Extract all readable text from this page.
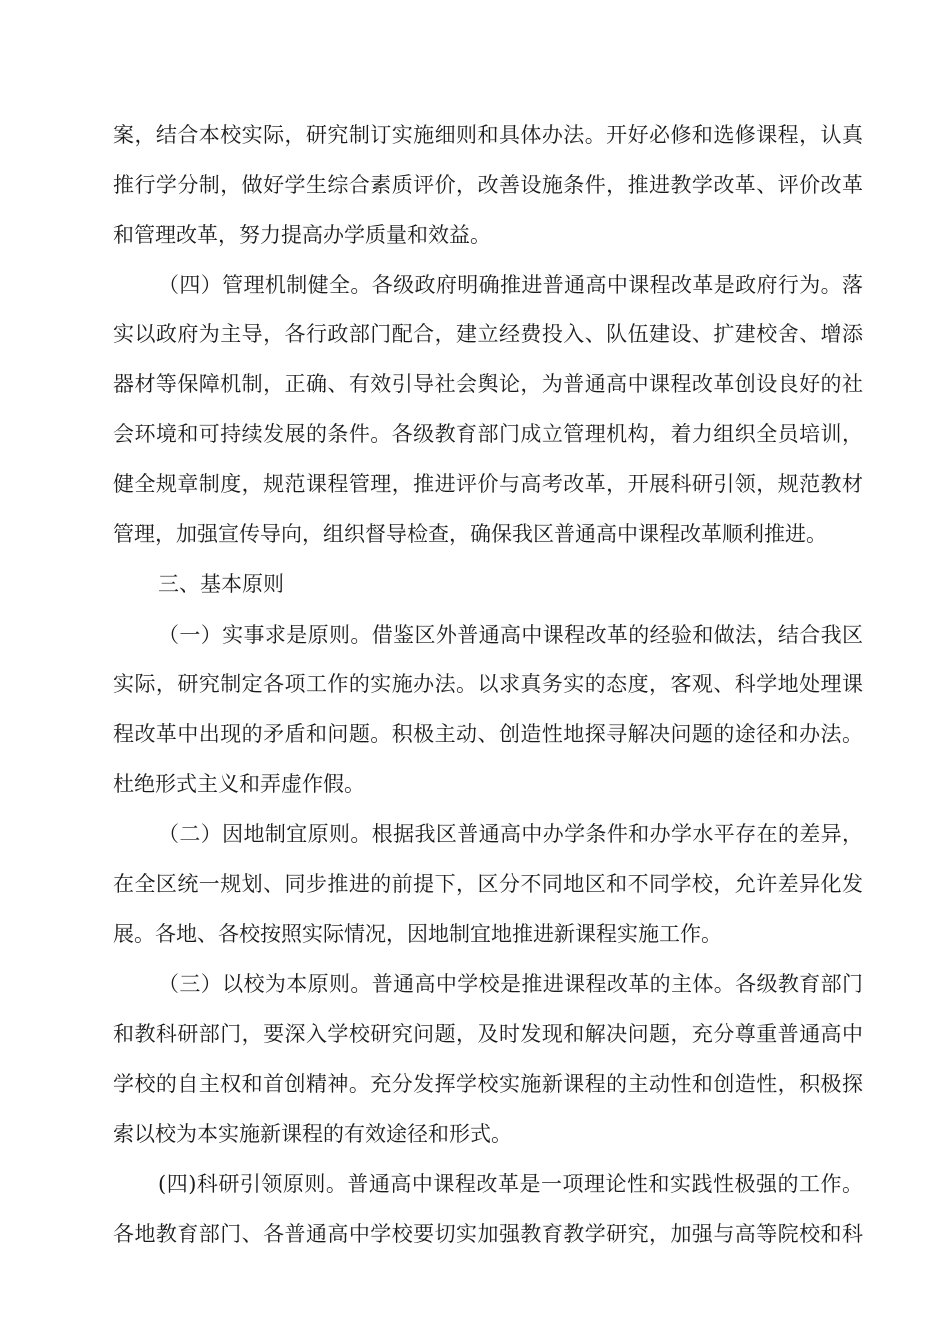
案，结合本校实际，研究制订实施细则和具体办法。开好必修和选修课程，认真
推行学分制，做好学生综合素质评价，改善设施条件，推进教学改革、评价改革
和管理改革，努力提高办学质量和效益。
（四）管理机制健全。各级政府明确推进普通高中课程改革是政府行为。落
实以政府为主导，各行政部门配合，建立经费投入、队伍建设、扩建校舍、增添
器材等保障机制，正确、有效引导社会舆论，为普通高中课程改革创设良好的社
会环境和可持续发展的条件。各级教育部门成立管理机构，着力组织全员培训，
健全规章制度，规范课程管理，推进评价与高考改革，开展科研引领，规范教材
管理，加强宣传导向，组织督导检查，确保我区普通高中课程改革顺利推进。
三、基本原则
（一）实事求是原则。借鉴区外普通高中课程改革的经验和做法，结合我区
实际，研究制定各项工作的实施办法。以求真务实的态度，客观、科学地处理课
程改革中出现的矛盾和问题。积极主动、创造性地探寻解决问题的途径和办法。
杜绝形式主义和弄虚作假。
（二）因地制宜原则。根据我区普通高中办学条件和办学水平存在的差异，
在全区统一规划、同步推进的前提下，区分不同地区和不同学校，允许差异化发
展。各地、各校按照实际情况，因地制宜地推进新课程实施工作。
（三）以校为本原则。普通高中学校是推进课程改革的主体。各级教育部门
和教科研部门，要深入学校研究问题，及时发现和解决问题，充分尊重普通高中
学校的自主权和首创精神。充分发挥学校实施新课程的主动性和创造性，积极探
索以校为本实施新课程的有效途径和形式。
(四)科研引领原则。普通高中课程改革是一项理论性和实践性极强的工作。
各地教育部门、各普通高中学校要切实加强教育教学研究，加强与高等院校和科
